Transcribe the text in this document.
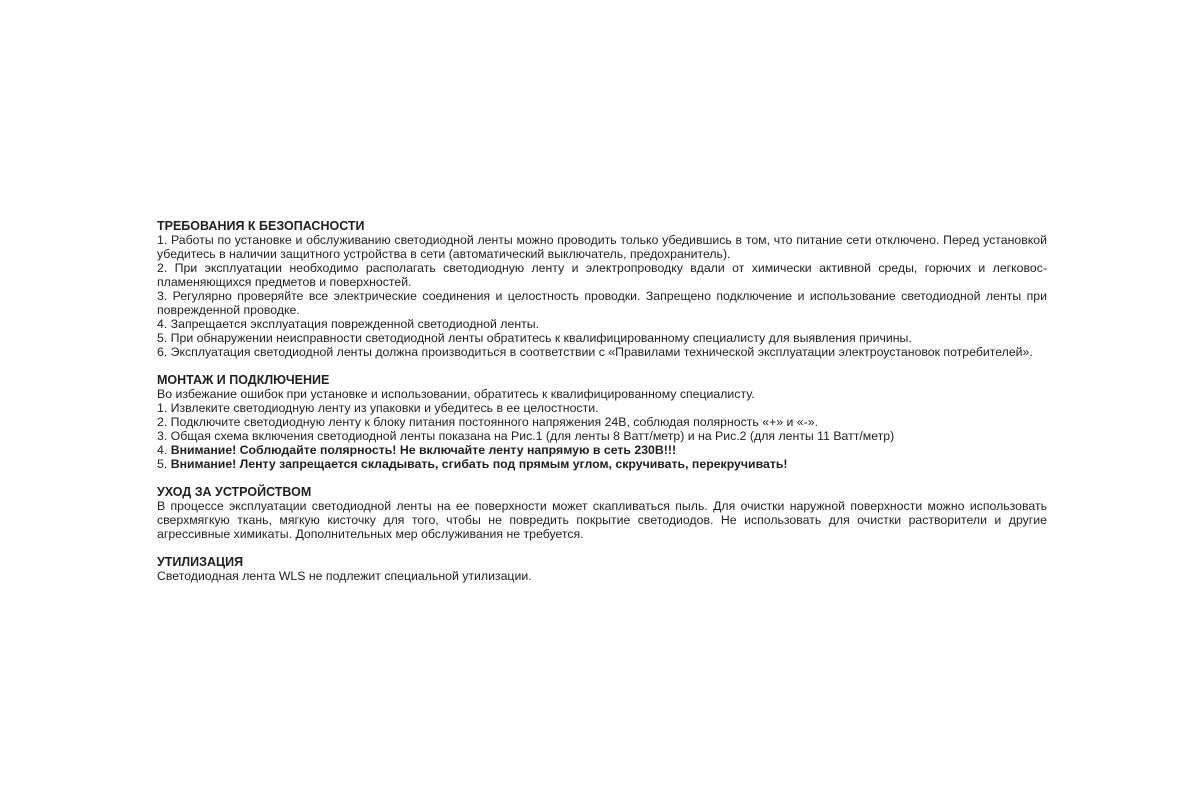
ТРЕБОВАНИЯ К БЕЗОПАСНОСТИ
1. Работы по установке и обслуживанию светодиодной ленты можно проводить только убедившись в том, что питание сети отключено. Перед установкой убедитесь в наличии защитного устройства в сети (автоматический выключатель, предохранитель).
2. При эксплуатации необходимо располагать светодиодную ленту и электропроводку вдали от химически активной среды, горючих и легковоспламеняющихся предметов и поверхностей.
3. Регулярно проверяйте все электрические соединения и целостность проводки. Запрещено подключение и использование светодиодной ленты при поврежденной проводке.
4. Запрещается эксплуатация поврежденной светодиодной ленты.
5. При обнаружении неисправности светодиодной ленты обратитесь к квалифицированному специалисту для выявления причины.
6. Эксплуатация светодиодной ленты должна производиться в соответствии с «Правилами технической эксплуатации электроустановок потребителей».
МОНТАЖ И ПОДКЛЮЧЕНИЕ
Во избежание ошибок при установке и использовании, обратитесь к квалифицированному специалисту.
1. Извлеките светодиодную ленту из упаковки и убедитесь в ее целостности.
2. Подключите светодиодную ленту к блоку питания постоянного напряжения 24В, соблюдая полярность «+» и «-».
3. Общая схема включения светодиодной ленты показана на Рис.1 (для ленты 8 Ватт/метр) и на Рис.2 (для ленты 11 Ватт/метр)
4. Внимание! Соблюдайте полярность! Не включайте ленту напрямую в сеть 230В!!!
5. Внимание! Ленту запрещается складывать, сгибать под прямым углом, скручивать, перекручивать!
УХОД ЗА УСТРОЙСТВОМ
В процессе эксплуатации светодиодной ленты на ее поверхности может скапливаться пыль. Для очистки наружной поверхности можно использовать сверхмягкую ткань, мягкую кисточку для того, чтобы не повредить покрытие светодиодов. Не использовать для очистки растворители и другие агрессивные химикаты. Дополнительных мер обслуживания не требуется.
УТИЛИЗАЦИЯ
Светодиодная лента WLS не подлежит специальной утилизации.
